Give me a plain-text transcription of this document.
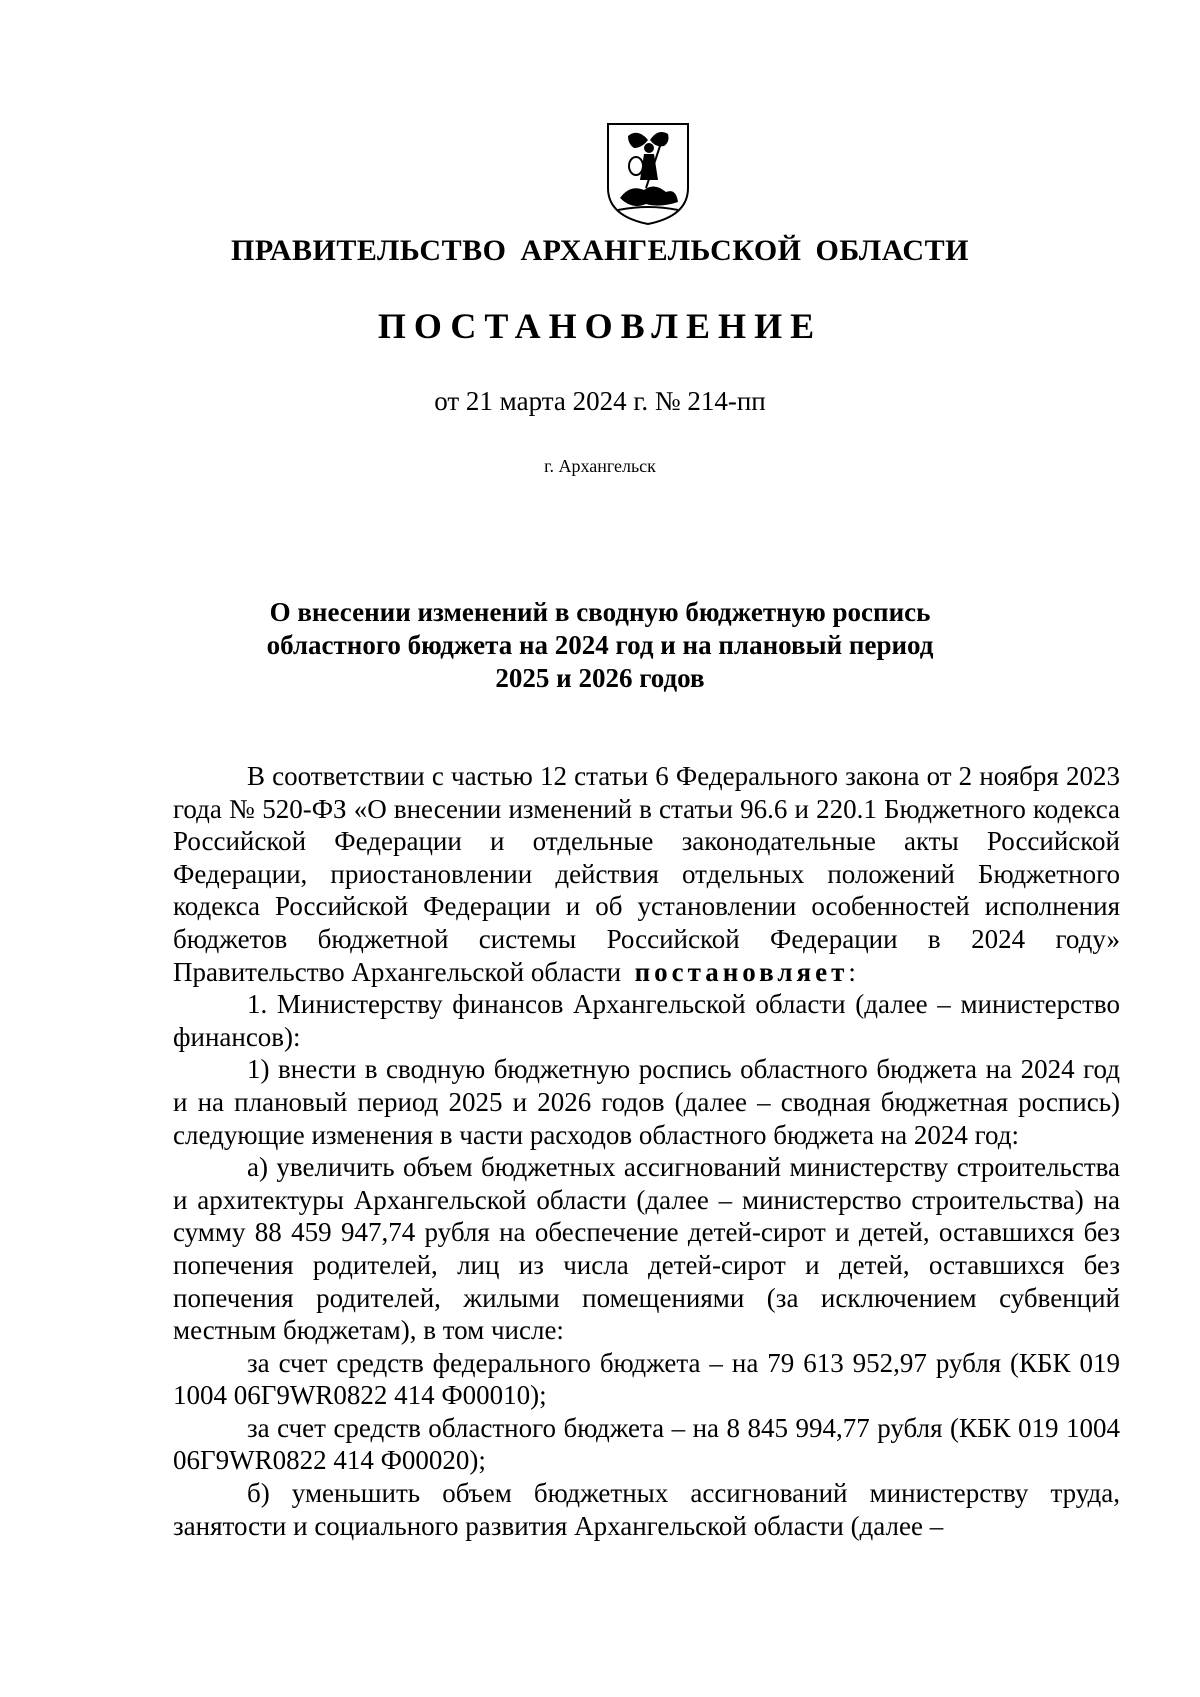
ПРАВИТЕЛЬСТВО АРХАНГЕЛЬСКОЙ ОБЛАСТИ
ПОСТАНОВЛЕНИЕ
от 21 марта 2024 г. № 214-пп
г. Архангельск
О внесении изменений в сводную бюджетную роспись
областного бюджета на 2024 год и на плановый период
2025 и 2026 годов

В соответствии с частью 12 статьи 6 Федерального закона от 2 ноября 2023 года № 520-ФЗ «О внесении изменений в статьи 96.6 и 220.1 Бюджетного кодекса Российской Федерации и отдельные законодательные акты Российской Федерации, приостановлении действия отдельных положений Бюджетного кодекса Российской Федерации и об установлении особенностей исполнения бюджетов бюджетной системы Российской Федерации в 2024 году» Правительство Архангельской области постановляет:

1. Министерству финансов Архангельской области (далее – министерство финансов):

1) внести в сводную бюджетную роспись областного бюджета на 2024 год и на плановый период 2025 и 2026 годов (далее – сводная бюджетная роспись) следующие изменения в части расходов областного бюджета на 2024 год:

а) увеличить объем бюджетных ассигнований министерству строительства и архитектуры Архангельской области (далее – министерство строительства) на сумму 88 459 947,74 рубля на обеспечение детей-сирот и детей, оставшихся без попечения родителей, лиц из числа детей-сирот и детей, оставшихся без попечения родителей, жилыми помещениями (за исключением субвенций местным бюджетам), в том числе:

за счет средств федерального бюджета – на 79 613 952,97 рубля (КБК 019 1004 06Г9WR0822 414 Ф00010);

за счет средств областного бюджета – на 8 845 994,77 рубля (КБК 019 1004 06Г9WR0822 414 Ф00020);

б) уменьшить объем бюджетных ассигнований министерству труда, занятости и социального развития Архангельской области (далее –
